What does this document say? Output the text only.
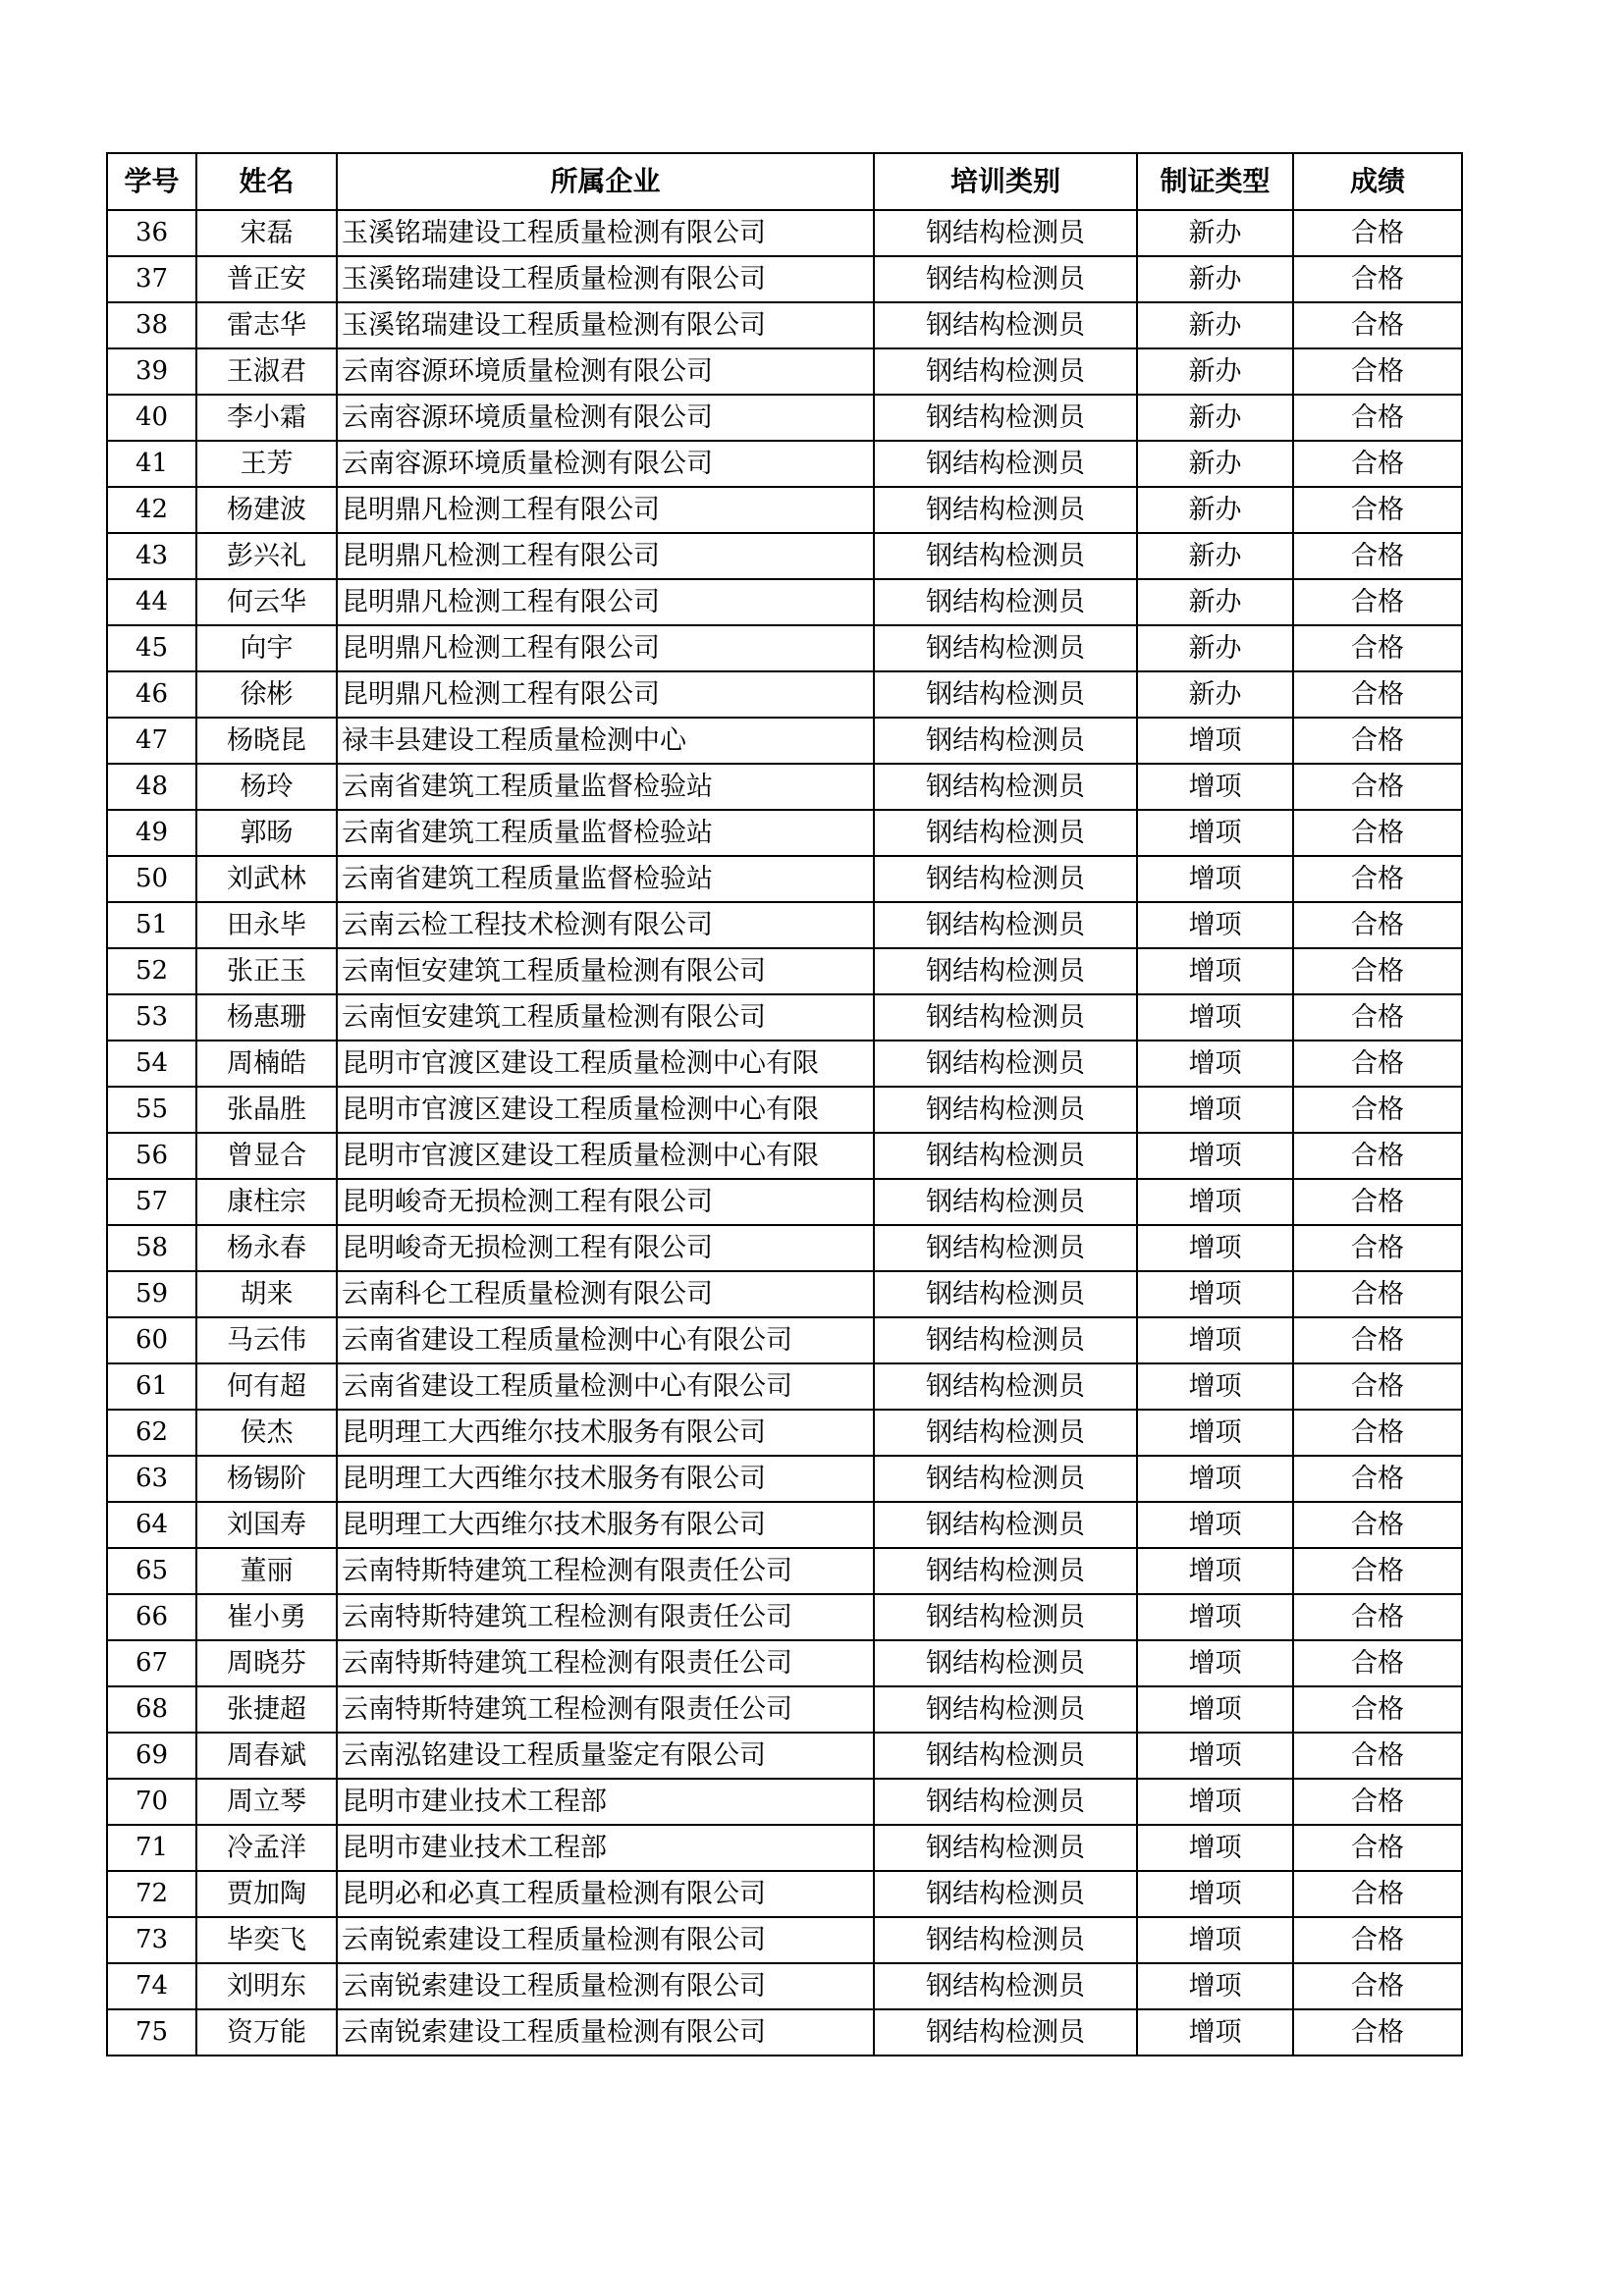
学号	姓名	所属企业	培训类别	制证类型	成绩
36	宋磊	玉溪铭瑞建设工程质量检测有限公司	钢结构检测员	新办	合格
37	普正安	玉溪铭瑞建设工程质量检测有限公司	钢结构检测员	新办	合格
38	雷志华	玉溪铭瑞建设工程质量检测有限公司	钢结构检测员	新办	合格
39	王淑君	云南容源环境质量检测有限公司	钢结构检测员	新办	合格
40	李小霜	云南容源环境质量检测有限公司	钢结构检测员	新办	合格
41	王芳	云南容源环境质量检测有限公司	钢结构检测员	新办	合格
42	杨建波	昆明鼎凡检测工程有限公司	钢结构检测员	新办	合格
43	彭兴礼	昆明鼎凡检测工程有限公司	钢结构检测员	新办	合格
44	何云华	昆明鼎凡检测工程有限公司	钢结构检测员	新办	合格
45	向宇	昆明鼎凡检测工程有限公司	钢结构检测员	新办	合格
46	徐彬	昆明鼎凡检测工程有限公司	钢结构检测员	新办	合格
47	杨晓昆	禄丰县建设工程质量检测中心	钢结构检测员	增项	合格
48	杨玲	云南省建筑工程质量监督检验站	钢结构检测员	增项	合格
49	郭旸	云南省建筑工程质量监督检验站	钢结构检测员	增项	合格
50	刘武林	云南省建筑工程质量监督检验站	钢结构检测员	增项	合格
51	田永毕	云南云检工程技术检测有限公司	钢结构检测员	增项	合格
52	张正玉	云南恒安建筑工程质量检测有限公司	钢结构检测员	增项	合格
53	杨惠珊	云南恒安建筑工程质量检测有限公司	钢结构检测员	增项	合格
54	周楠皓	昆明市官渡区建设工程质量检测中心有限	钢结构检测员	增项	合格
55	张晶胜	昆明市官渡区建设工程质量检测中心有限	钢结构检测员	增项	合格
56	曾显合	昆明市官渡区建设工程质量检测中心有限	钢结构检测员	增项	合格
57	康柱宗	昆明峻奇无损检测工程有限公司	钢结构检测员	增项	合格
58	杨永春	昆明峻奇无损检测工程有限公司	钢结构检测员	增项	合格
59	胡来	云南科仑工程质量检测有限公司	钢结构检测员	增项	合格
60	马云伟	云南省建设工程质量检测中心有限公司	钢结构检测员	增项	合格
61	何有超	云南省建设工程质量检测中心有限公司	钢结构检测员	增项	合格
62	侯杰	昆明理工大西维尔技术服务有限公司	钢结构检测员	增项	合格
63	杨锡阶	昆明理工大西维尔技术服务有限公司	钢结构检测员	增项	合格
64	刘国寿	昆明理工大西维尔技术服务有限公司	钢结构检测员	增项	合格
65	董丽	云南特斯特建筑工程检测有限责任公司	钢结构检测员	增项	合格
66	崔小勇	云南特斯特建筑工程检测有限责任公司	钢结构检测员	增项	合格
67	周晓芬	云南特斯特建筑工程检测有限责任公司	钢结构检测员	增项	合格
68	张捷超	云南特斯特建筑工程检测有限责任公司	钢结构检测员	增项	合格
69	周春斌	云南泓铭建设工程质量鉴定有限公司	钢结构检测员	增项	合格
70	周立琴	昆明市建业技术工程部	钢结构检测员	增项	合格
71	冷孟洋	昆明市建业技术工程部	钢结构检测员	增项	合格
72	贾加陶	昆明必和必真工程质量检测有限公司	钢结构检测员	增项	合格
73	毕奕飞	云南锐索建设工程质量检测有限公司	钢结构检测员	增项	合格
74	刘明东	云南锐索建设工程质量检测有限公司	钢结构检测员	增项	合格
75	资万能	云南锐索建设工程质量检测有限公司	钢结构检测员	增项	合格
